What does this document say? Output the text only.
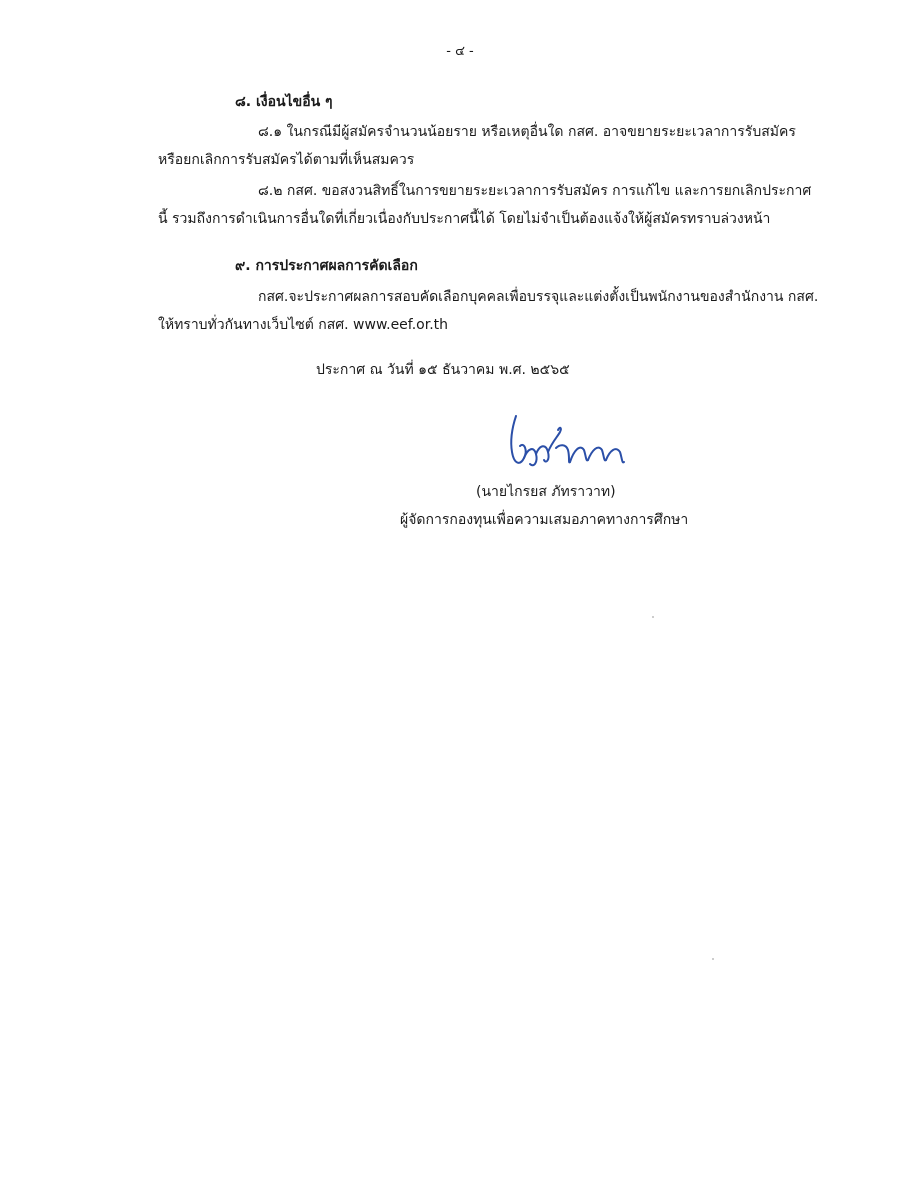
- ๔ -
๘. เงื่อนไขอื่น ๆ
๘.๑ ในกรณีมีผู้สมัครจำนวนน้อยราย หรือเหตุอื่นใด กสศ. อาจขยายระยะเวลาการรับสมัคร
หรือยกเลิกการรับสมัครได้ตามที่เห็นสมควร
๘.๒ กสศ. ขอสงวนสิทธิ์ในการขยายระยะเวลาการรับสมัคร การแก้ไข และการยกเลิกประกาศ
นี้ รวมถึงการดำเนินการอื่นใดที่เกี่ยวเนื่องกับประกาศนี้ได้ โดยไม่จำเป็นต้องแจ้งให้ผู้สมัครทราบล่วงหน้า
๙. การประกาศผลการคัดเลือก
กสศ.จะประกาศผลการสอบคัดเลือกบุคคลเพื่อบรรจุและแต่งตั้งเป็นพนักงานของสำนักงาน กสศ.
ให้ทราบทั่วกันทางเว็บไซต์ กสศ. www.eef.or.th
ประกาศ ณ วันที่ ๑๕ ธันวาคม พ.ศ. ๒๕๖๕
(นายไกรยส ภัทราวาท)
ผู้จัดการกองทุนเพื่อความเสมอภาคทางการศึกษา
